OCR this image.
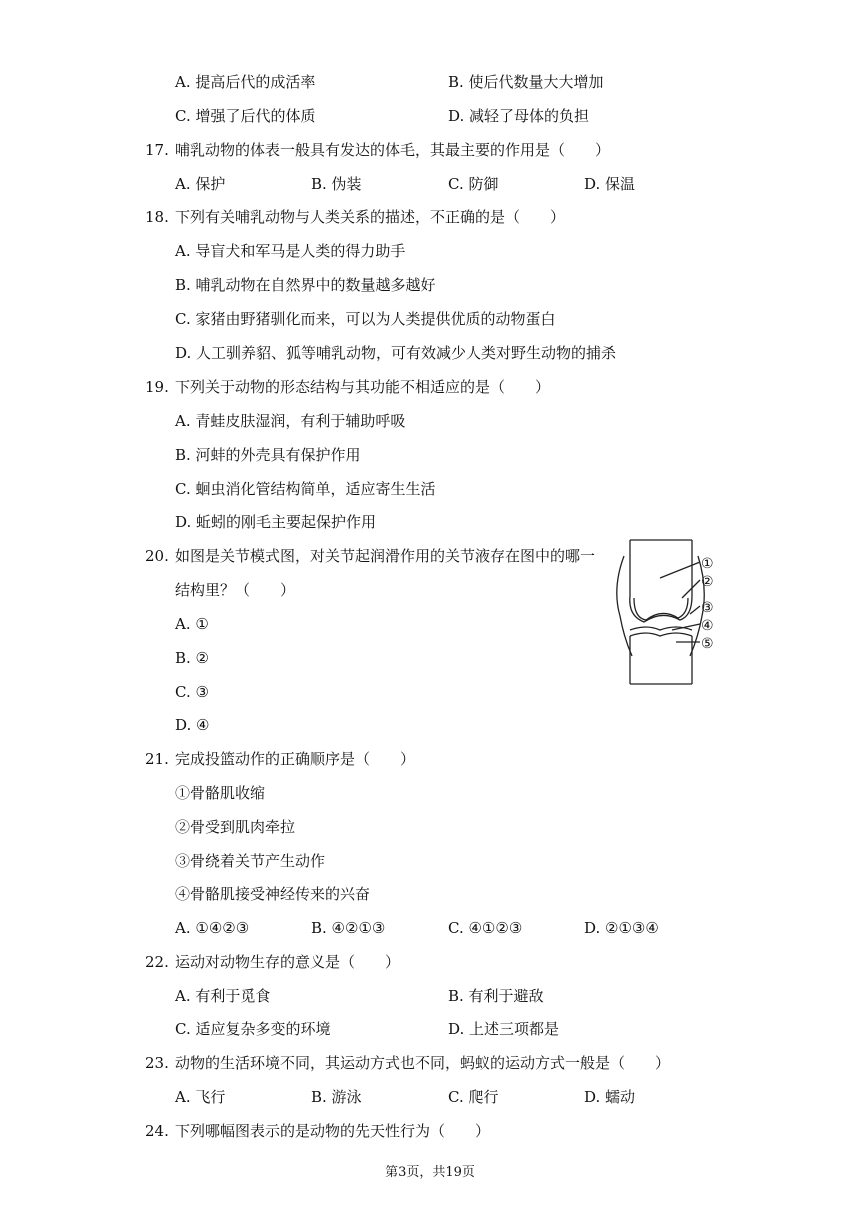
A. 提高后代的成活率	B. 使后代数量大大增加
C. 增强了后代的体质	D. 减轻了母体的负担
17. 哺乳动物的体表一般具有发达的体毛，其最主要的作用是（　　）
A. 保护	B. 伪装	C. 防御	D. 保温
18. 下列有关哺乳动物与人类关系的描述，不正确的是（　　）
A. 导盲犬和军马是人类的得力助手
B. 哺乳动物在自然界中的数量越多越好
C. 家猪由野猪驯化而来，可以为人类提供优质的动物蛋白
D. 人工驯养貂、狐等哺乳动物，可有效减少人类对野生动物的捕杀
19. 下列关于动物的形态结构与其功能不相适应的是（　　）
A. 青蛙皮肤湿润，有利于辅助呼吸
B. 河蚌的外壳具有保护作用
C. 蛔虫消化管结构简单，适应寄生生活
D. 蚯蚓的刚毛主要起保护作用
20. 如图是关节模式图，对关节起润滑作用的关节液存在图中的哪一
结构里？（　　）
A. ①
B. ②
C. ③
D. ④
①
②
③
④
⑤
21. 完成投篮动作的正确顺序是（　　）
①骨骼肌收缩
②骨受到肌肉牵拉
③骨绕着关节产生动作
④骨骼肌接受神经传来的兴奋
A. ①④②③	B. ④②①③	C. ④①②③	D. ②①③④
22. 运动对动物生存的意义是（　　）
A. 有利于觅食	B. 有利于避敌
C. 适应复杂多变的环境	D. 上述三项都是
23. 动物的生活环境不同，其运动方式也不同，蚂蚁的运动方式一般是（　　）
A. 飞行	B. 游泳	C. 爬行	D. 蠕动
24. 下列哪幅图表示的是动物的先天性行为（　　）
第3页，共19页
